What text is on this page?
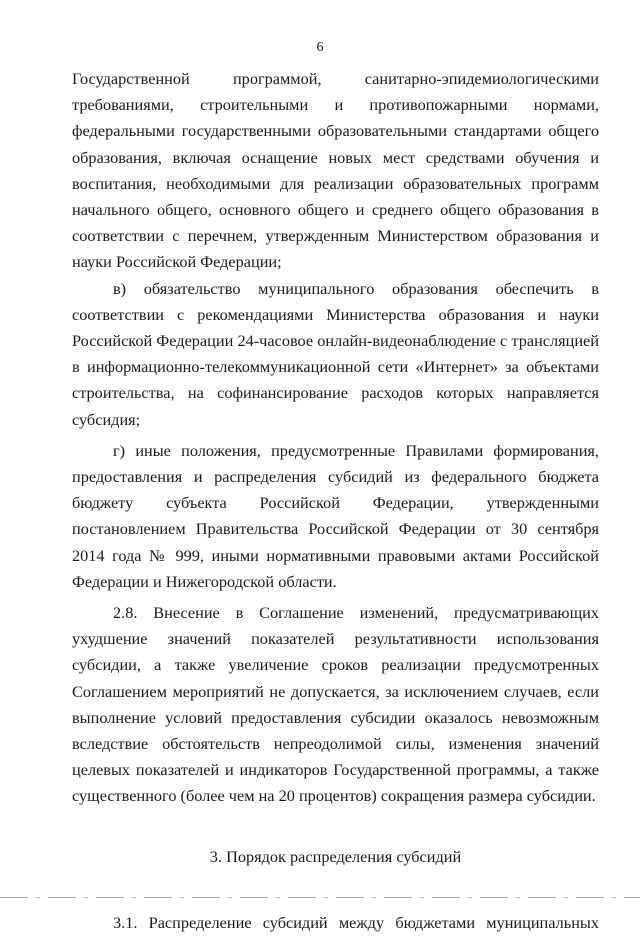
6

Государственной программой, санитарно-эпидемиологическими требованиями, строительными и противопожарными нормами, федеральными государственными образовательными стандартами общего образования, включая оснащение новых мест средствами обучения и воспитания, необходимыми для реализации образовательных программ начального общего, основного общего и среднего общего образования в соответствии с перечнем, утвержденным Министерством образования и науки Российской Федерации;

в) обязательство муниципального образования обеспечить в соответствии с рекомендациями Министерства образования и науки Российской Федерации 24-часовое онлайн-видеонаблюдение с трансляцией в информационно-телекоммуникационной сети «Интернет» за объектами строительства, на софинансирование расходов которых направляется субсидия;

г) иные положения, предусмотренные Правилами формирования, предоставления и распределения субсидий из федерального бюджета бюджету субъекта Российской Федерации, утвержденными постановлением Правительства Российской Федерации от 30 сентября 2014 года № 999, иными нормативными правовыми актами Российской Федерации и Нижегородской области.

2.8. Внесение в Соглашение изменений, предусматривающих ухудшение значений показателей результативности использования субсидии, а также увеличение сроков реализации предусмотренных Соглашением мероприятий не допускается, за исключением случаев, если выполнение условий предоставления субсидии оказалось невозможным вследствие обстоятельств непреодолимой силы, изменения значений целевых показателей и индикаторов Государственной программы, а также существенного (более чем на 20 процентов) сокращения размера субсидии.

3. Порядок распределения субсидий

3.1. Распределение субсидий между бюджетами муниципальных
